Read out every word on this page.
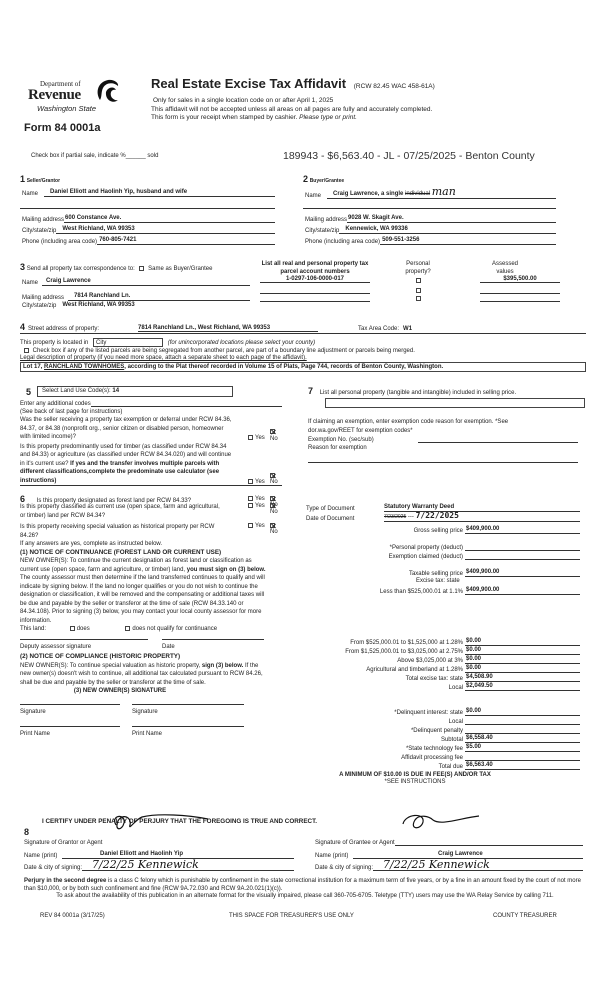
Department of
Revenue
Washington State
Form 84 0001a
Real Estate Excise Tax Affidavit (RCW 82.45 WAC 458-61A)
Only for sales in a single location code on or after April 1, 2025
This affidavit will not be accepted unless all areas on all pages are fully and accurately completed.
This form is your receipt when stamped by cashier. Please type or print.
Check box if partial sale, indicate %______ sold	189943 - $6,563.40 - JL - 07/25/2025 - Benton County
1 Seller/Grantor
Name	Daniel Elliott and Haolinh Yip, husband and wife
Mailing address 600 Constance Ave.
City/state/zip	West Richland, WA 99353
Phone (including area code) 760-805-7421
2 Buyer/Grantee
Name	Craig Lawrence, a single individual man
Mailing address 9028 W. Skagit Ave.
City/state/zip	Kennewick, WA 99336
Phone (including area code) 509-551-3256
3 Send all property tax correspondence to: Same as Buyer/Grantee
Name	Craig Lawrence
Mailing address	7814 Ranchland Ln.
City/state/zip	West Richland, WA 99353
List all real and personal property tax parcel account numbers
Personal property?
Assessed values
1-0297-106-0000-017	$395,500.00
4 Street address of property:	7814 Ranchland Ln., West Richland, WA 99353	Tax Area Code: W1
This property is located in City	(for unincorporated locations please select your county)
Check box if any of the listed parcels are being segregated from another parcel, are part of a boundary line adjustment or parcels being merged.
Legal description of property (if you need more space, attach a separate sheet to each page of the affidavit).
Lot 17, RANCHLAND TOWNHOMES, according to the Plat thereof recorded in Volume 15 of Plats, Page 744, records of Benton County, Washington.
5	Select Land Use Code(s): 14
Enter any additional codes
(See back of last page for instructions)

Was the seller receiving a property tax exemption or deferral under RCW 84.36, 84.37, or 84.38 (nonprofit org., senior citizen or disabled person, homeowner with limited income)?	Yes No

Is this property predominantly used for timber (as classified under RCW 84.34 and 84.33) or agriculture (as classified under RCW 84.34.020) and will continue in it's current use? If yes and the transfer involves multiple parcels with different classifications,complete the predominate use calculator (see instructions)	Yes No
7 List all personal property (tangible and intangible) included in selling price.

If claiming an exemption, enter exemption code reason for exemption. *See dor.wa.gov/REET for exemption codes*

Exemption No. (sec/sub)
Reason for exemption
6 Is this property designated as forest land per RCW 84.33?	Yes
No

Is this property classified as current use (open space, farm and agricultural, or timber) land per RCW 84.34?

Yes
No

Is this property receiving special valuation as historical property per RCW 84.26?

Yes
No

If any answers are yes, complete as instructed below.

(1) NOTICE OF CONTINUANCE (FOREST LAND OR CURRENT USE)

NEW OWNER(S): To continue the current designation as forest land or classification as current use (open space, farm and agriculture, or timber) land, you must sign on (3) below. The county assessor must then determine if the land transferred continues to qualify and will indicate by signing below. If the land no longer qualifies or you do not wish to continue the designation or classification, it will be removed and the compensating or additional taxes will be due and payable by the seller or transferor at the time of sale (RCW 84.33.140 or 84.34.108). Prior to signing (3) below, you may contact your local county assessor for more information.

This land:	does	does not qualify for continuance
Deputy assessor signature	Date

(2) NOTICE OF COMPLIANCE (HISTORIC PROPERTY)

NEW OWNER(S): To continue special valuation as historic property, sign (3) below. If the new owner(s) doesn't wish to continue, all additional tax calculated pursuant to RCW 84.26, shall be due and payable by the seller or transferor at the time of sale.

(3) NEW OWNER(S) SIGNATURE

Signature	Signature
Print Name	Print Name
Type of Document	Statutory Warranty Deed
Date of Document	7/23/2025 --- 7/22/2025
Gross selling price $409,900.00
*Personal property (deduct)
Exemption claimed (deduct)
Taxable selling price $409,900.00
Excise tax: state
Less than $525,000.01 at 1.1% $409,900.00
From $525,000.01 to $1,525,000 at 1.28% $0.00
From $1,525,000.01 to $3,025,000 at 2.75% $0.00
Above $3,025,000 at 3% $0.00
Agricultural and timberland at 1.28% $0.00
Total excise tax: state $4,508.90
Local $2,049.50
*Delinquent interest: state $0.00
Local
*Delinquent penalty
Subtotal $6,558.40
*State technology fee $5.00
Affidavit processing fee
Total due $6,563.40
A MINIMUM OF $10.00 IS DUE IN FEE(S) AND/OR TAX
*SEE INSTRUCTIONS
I CERTIFY UNDER PENALTY OF PERJURY THAT THE FOREGOING IS TRUE AND CORRECT.
8
Signature of Grantor or Agent
Name (print)	Daniel Elliott and Haolinh Yip
Date & city of signing: 7/22/25 Kennewick
Signature of Grantee or Agent
Name (print)	Craig Lawrence
Date & city of signing: 7/22/25 Kennewick
Perjury in the second degree is a class C felony which is punishable by confinement in the state correctional institution for a maximum term of five years, or by a fine in an amount fixed by the court of not more than $10,000, or by both such confinement and fine (RCW 9A.72.030 and RCW 9A.20.021(1)(c)).
To ask about the availability of this publication in an alternate format for the visually impaired, please call 360-705-6705. Teletype (TTY) users may use the WA Relay Service by calling 711.
REV 84 0001a (3/17/25)	THIS SPACE FOR TREASURER'S USE ONLY	COUNTY TREASURER
